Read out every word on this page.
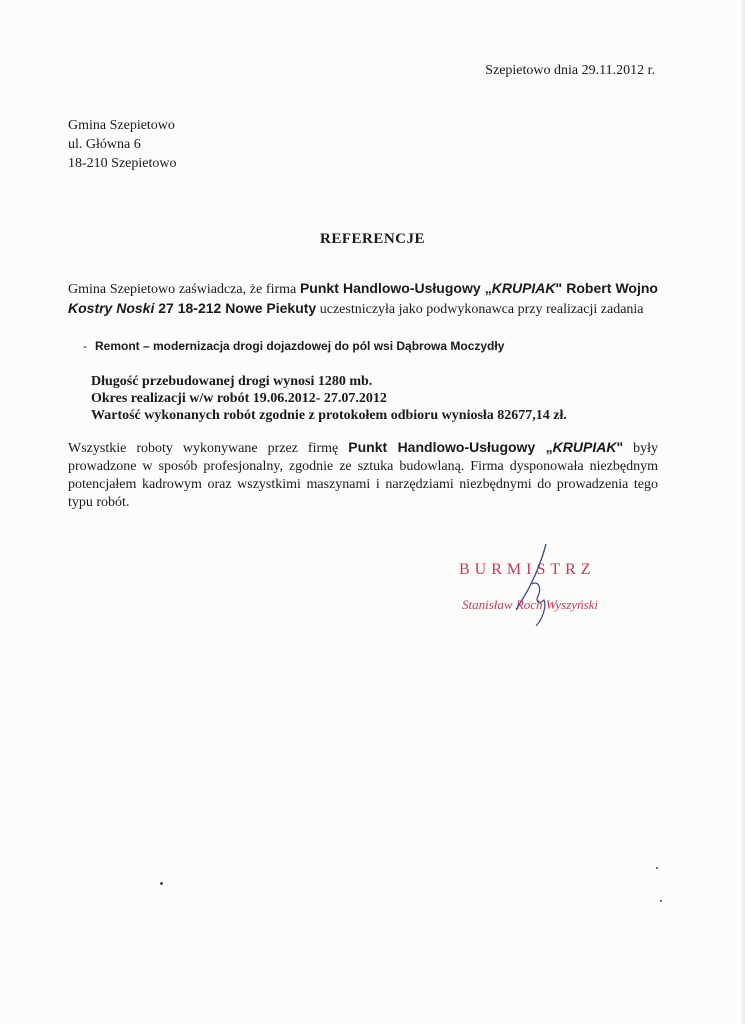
Szepietowo dnia 29.11.2012 r.
Gmina Szepietowo
ul. Główna 6
18-210 Szepietowo
REFERENCJE
Gmina Szepietowo zaświadcza, że firma Punkt Handlowo-Usługowy „KRUPIAK" Robert Wojno Kostry Noski 27 18-212 Nowe Piekuty uczestniczyła jako podwykonawca przy realizacji zadania
- Remont – modernizacja drogi dojazdowej do pól wsi Dąbrowa Moczydły
Długość przebudowanej drogi wynosi 1280 mb.
Okres realizacji w/w robót 19.06.2012- 27.07.2012
Wartość wykonanych robót zgodnie z protokołem odbioru wyniosła 82677,14 zł.
Wszystkie roboty wykonywane przez firmę Punkt Handlowo-Usługowy „KRUPIAK" były prowadzone w sposób profesjonalny, zgodnie ze sztuka budowlaną. Firma dysponowała niezbędnym potencjałem kadrowym oraz wszystkimi maszynami i narzędziami niezbędnymi do prowadzenia tego typu robót.
BURMISTRZ
Stanisław Roch Wyszyński
